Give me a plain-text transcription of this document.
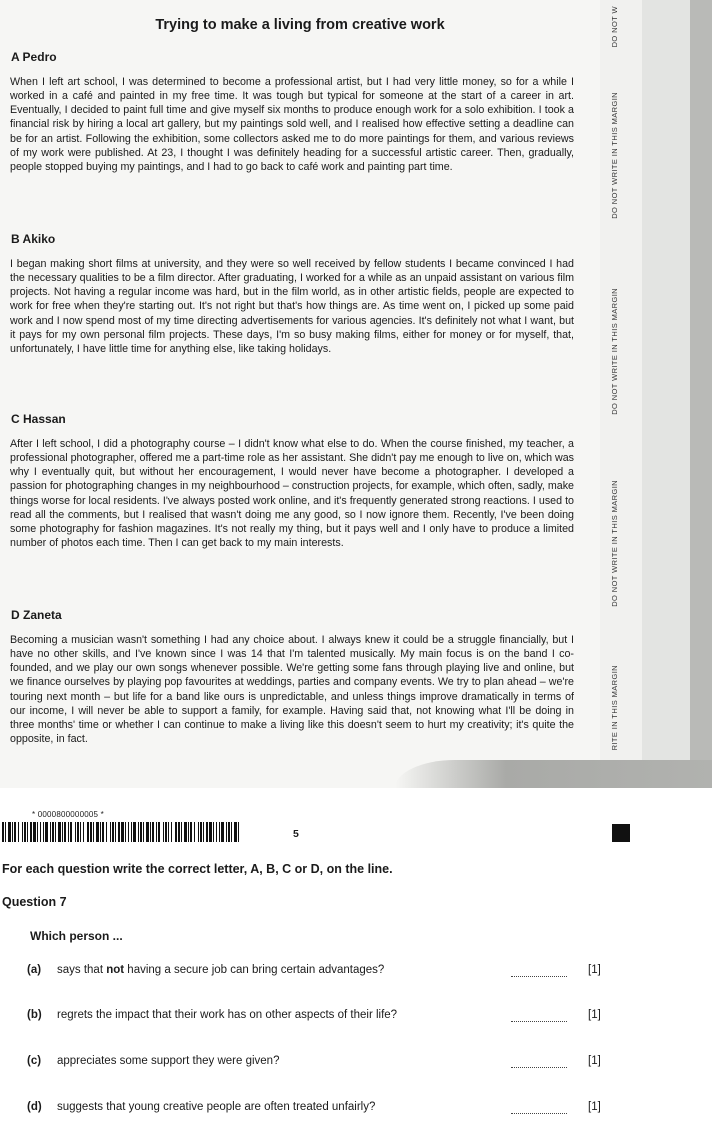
Trying to make a living from creative work
A Pedro

When I left art school, I was determined to become a professional artist, but I had very little money, so for a while I worked in a café and painted in my free time. It was tough but typical for someone at the start of a career in art. Eventually, I decided to paint full time and give myself six months to produce enough work for a solo exhibition. I took a financial risk by hiring a local art gallery, but my paintings sold well, and I realised how effective setting a deadline can be for an artist. Following the exhibition, some collectors asked me to do more paintings for them, and various reviews of my work were published. At 23, I thought I was definitely heading for a successful artistic career. Then, gradually, people stopped buying my paintings, and I had to go back to café work and painting part time.

B Akiko

I began making short films at university, and they were so well received by fellow students I became convinced I had the necessary qualities to be a film director. After graduating, I worked for a while as an unpaid assistant on various film projects. Not having a regular income was hard, but in the film world, as in other artistic fields, people are expected to work for free when they're starting out. It's not right but that's how things are. As time went on, I picked up some paid work and I now spend most of my time directing advertisements for various agencies. It's definitely not what I want, but it pays for my own personal film projects. These days, I'm so busy making films, either for money or for myself, that, unfortunately, I have little time for anything else, like taking holidays.

C Hassan

After I left school, I did a photography course – I didn't know what else to do. When the course finished, my teacher, a professional photographer, offered me a part-time role as her assistant. She didn't pay me enough to live on, which was why I eventually quit, but without her encouragement, I would never have become a photographer. I developed a passion for photographing changes in my neighbourhood – construction projects, for example, which often, sadly, make things worse for local residents. I've always posted work online, and it's frequently generated strong reactions. I used to read all the comments, but I realised that wasn't doing me any good, so I now ignore them. Recently, I've been doing some photography for fashion magazines. It's not really my thing, but it pays well and I only have to produce a limited number of photos each time. Then I can get back to my main interests.

D Zaneta

Becoming a musician wasn't something I had any choice about. I always knew it could be a struggle financially, but I have no other skills, and I've known since I was 14 that I'm talented musically. My main focus is on the band I co-founded, and we play our own songs whenever possible. We're getting some fans through playing live and online, but we finance ourselves by playing pop favourites at weddings, parties and company events. We try to plan ahead – we're touring next month – but life for a band like ours is unpredictable, and unless things improve dramatically in terms of our income, I will never be able to support a family, for example. Having said that, not knowing what I'll be doing in three months' time or whether I can continue to make a living like this doesn't seem to hurt my creativity; it's quite the opposite, in fact.

DO NOT W
DO NOT WRITE IN THIS MARGIN
DO NOT WRITE IN THIS MARGIN
DO NOT WRITE IN THIS MARGIN
RITE IN THIS MARGIN
* 0000800000005 *
5

For each question write the correct letter, A, B, C or D, on the line.

Question 7

Which person ...

(a) says that not having a secure job can bring certain advantages?	[1]
(b) regrets the impact that their work has on other aspects of their life?	[1]
(c) appreciates some support they were given?	[1]
(d) suggests that young creative people are often treated unfairly?	[1]
